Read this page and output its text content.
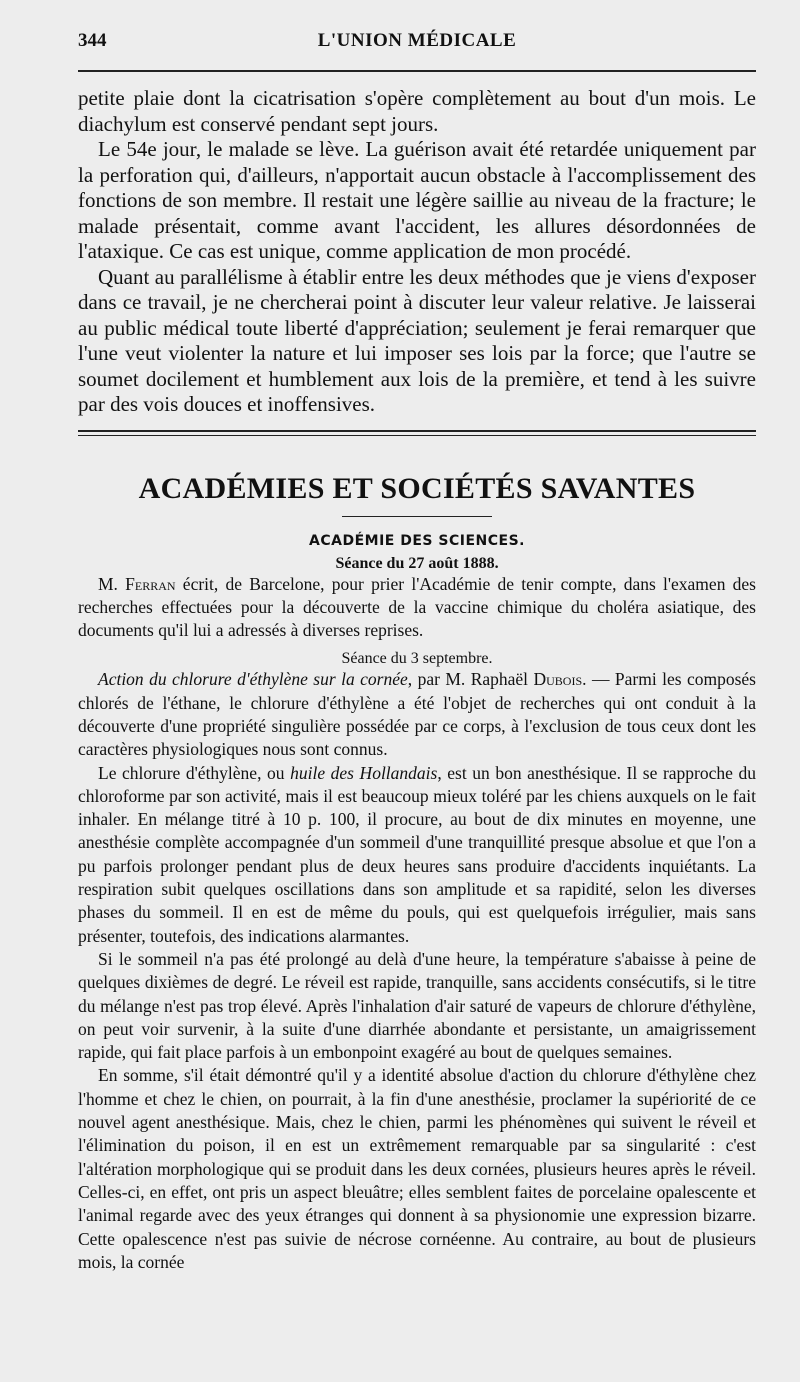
344	L'UNION MÉDICALE

petite plaie dont la cicatrisation s'opère complètement au bout d'un mois. Le diachylum est conservé pendant sept jours.

Le 54e jour, le malade se lève. La guérison avait été retardée uniquement par la perforation qui, d'ailleurs, n'apportait aucun obstacle à l'accomplissement des fonctions de son membre. Il restait une légère saillie au niveau de la fracture; le malade présentait, comme avant l'accident, les allures désordonnées de l'ataxique. Ce cas est unique, comme application de mon procédé.

Quant au parallélisme à établir entre les deux méthodes que je viens d'exposer dans ce travail, je ne chercherai point à discuter leur valeur relative. Je laisserai au public médical toute liberté d'appréciation; seulement je ferai remarquer que l'une veut violenter la nature et lui imposer ses lois par la force; que l'autre se soumet docilement et humblement aux lois de la première, et tend à les suivre par des vois douces et inoffensives.

ACADÉMIES ET SOCIÉTÉS SAVANTES
ACADÉMIE DES SCIENCES.
Séance du 27 août 1888.

M. Ferran écrit, de Barcelone, pour prier l'Académie de tenir compte, dans l'examen des recherches effectuées pour la découverte de la vaccine chimique du choléra asiatique, des documents qu'il lui a adressés à diverses reprises.

Séance du 3 septembre.

Action du chlorure d'éthylène sur la cornée, par M. Raphaël Dubois. — Parmi les composés chlorés de l'éthane, le chlorure d'éthylène a été l'objet de recherches qui ont conduit à la découverte d'une propriété singulière possédée par ce corps, à l'exclusion de tous ceux dont les caractères physiologiques nous sont connus.

Le chlorure d'éthylène, ou huile des Hollandais, est un bon anesthésique. Il se rapproche du chloroforme par son activité, mais il est beaucoup mieux toléré par les chiens auxquels on le fait inhaler. En mélange titré à 10 p. 100, il procure, au bout de dix minutes en moyenne, une anesthésie complète accompagnée d'un sommeil d'une tranquillité presque absolue et que l'on a pu parfois prolonger pendant plus de deux heures sans produire d'accidents inquiétants. La respiration subit quelques oscillations dans son amplitude et sa rapidité, selon les diverses phases du sommeil. Il en est de même du pouls, qui est quelquefois irrégulier, mais sans présenter, toutefois, des indications alarmantes.

Si le sommeil n'a pas été prolongé au delà d'une heure, la température s'abaisse à peine de quelques dixièmes de degré. Le réveil est rapide, tranquille, sans accidents consécutifs, si le titre du mélange n'est pas trop élevé. Après l'inhalation d'air saturé de vapeurs de chlorure d'éthylène, on peut voir survenir, à la suite d'une diarrhée abondante et persistante, un amaigrissement rapide, qui fait place parfois à un embonpoint exagéré au bout de quelques semaines.

En somme, s'il était démontré qu'il y a identité absolue d'action du chlorure d'éthylène chez l'homme et chez le chien, on pourrait, à la fin d'une anesthésie, proclamer la supériorité de ce nouvel agent anesthésique. Mais, chez le chien, parmi les phénomènes qui suivent le réveil et l'élimination du poison, il en est un extrêmement remarquable par sa singularité : c'est l'altération morphologique qui se produit dans les deux cornées, plusieurs heures après le réveil. Celles-ci, en effet, ont pris un aspect bleuâtre; elles semblent faites de porcelaine opalescente et l'animal regarde avec des yeux étranges qui donnent à sa physionomie une expression bizarre. Cette opalescence n'est pas suivie de nécrose cornéenne. Au contraire, au bout de plusieurs mois, la cornée
